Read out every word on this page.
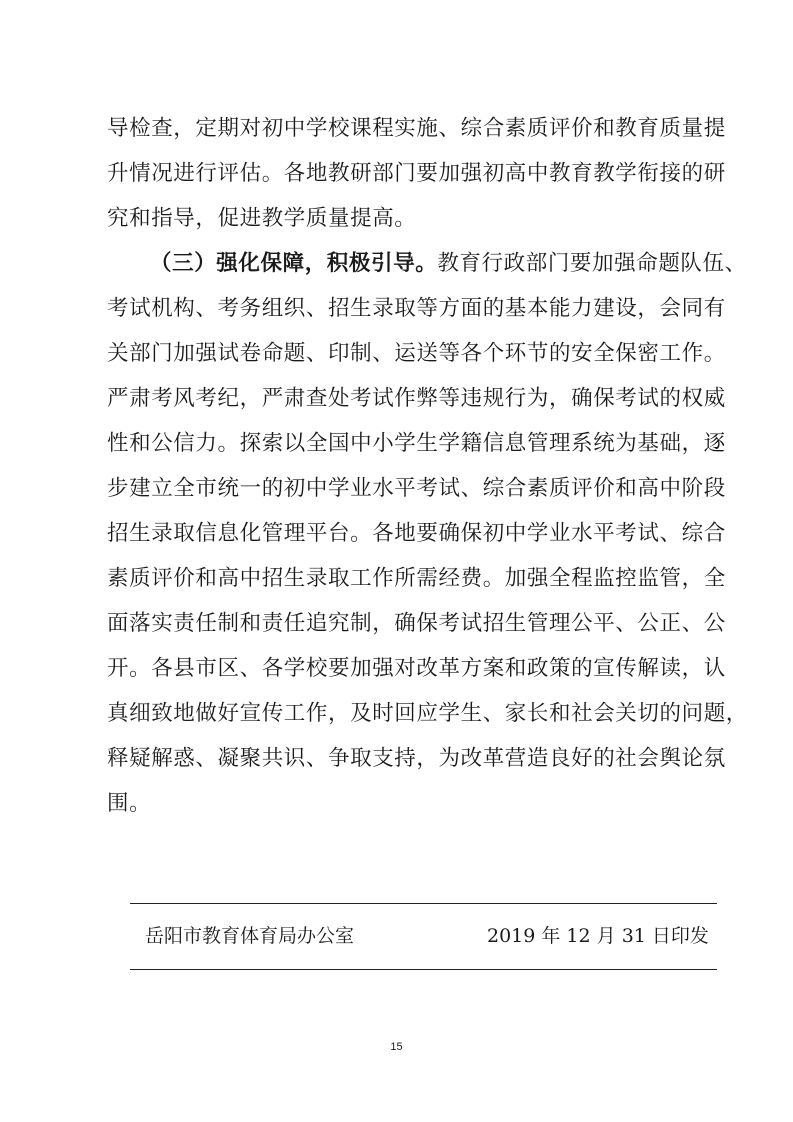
导检查，定期对初中学校课程实施、综合素质评价和教育质量提
升情况进行评估。各地教研部门要加强初高中教育教学衔接的研
究和指导，促进教学质量提高。
（三）强化保障，积极引导。教育行政部门要加强命题队伍、
考试机构、考务组织、招生录取等方面的基本能力建设，会同有
关部门加强试卷命题、印制、运送等各个环节的安全保密工作。
严肃考风考纪，严肃查处考试作弊等违规行为，确保考试的权威
性和公信力。探索以全国中小学生学籍信息管理系统为基础，逐
步建立全市统一的初中学业水平考试、综合素质评价和高中阶段
招生录取信息化管理平台。各地要确保初中学业水平考试、综合
素质评价和高中招生录取工作所需经费。加强全程监控监管，全
面落实责任制和责任追究制，确保考试招生管理公平、公正、公
开。各县市区、各学校要加强对改革方案和政策的宣传解读，认
真细致地做好宣传工作，及时回应学生、家长和社会关切的问题，
释疑解惑、凝聚共识、争取支持，为改革营造良好的社会舆论氛
围。
岳阳市教育体育局办公室	2019 年 12 月 31 日印发
15
